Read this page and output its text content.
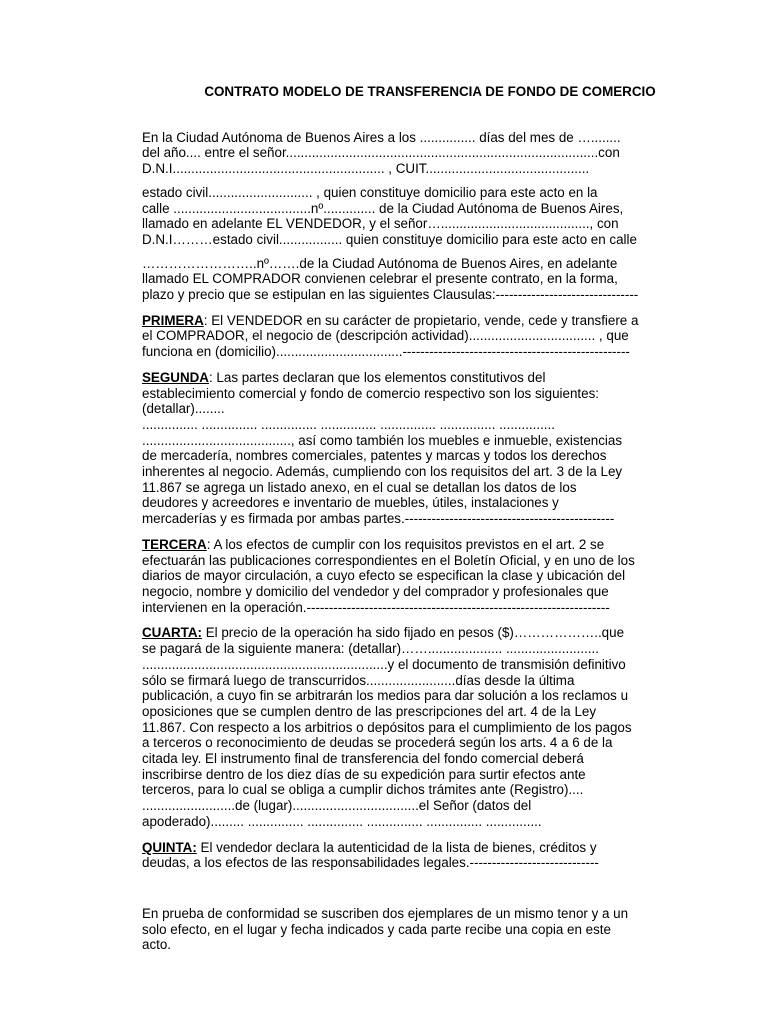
CONTRATO MODELO DE TRANSFERENCIA DE FONDO DE COMERCIO

En la Ciudad Autónoma de Buenos Aires a los ............... días del mes de …........
del año.... entre el señor....................................................................................con
D.N.I......................................................... , CUIT............................................

estado civil............................ , quien constituye domicilio para este acto en la
calle .....................................nº.............. de la Ciudad Autónoma de Buenos Aires,
llamado en adelante EL VENDEDOR, y el señor…........................................, con
D.N.I………estado civil................. quien constituye domicilio para este acto en calle

……………………..nº…….de la Ciudad Autónoma de Buenos Aires, en adelante
llamado EL COMPRADOR convienen celebrar el presente contrato, en la forma,
plazo y precio que se estipulan en las siguientes Clausulas:--------------------------------

PRIMERA: El VENDEDOR en su carácter de propietario, vende, cede y transfiere a
el COMPRADOR, el negocio de (descripción actividad).................................. , que
funciona en (domicilio)..................................---------------------------------------------------

SEGUNDA: Las partes declaran que los elementos constitutivos del
establecimiento comercial y fondo de comercio respectivo son los siguientes:
(detallar)........
............... ............... ............... ............... ............... ............... ...............
........................................, así como también los muebles e inmueble, existencias
de mercadería, nombres comerciales, patentes y marcas y todos los derechos
inherentes al negocio. Además, cumpliendo con los requisitos del art. 3 de la Ley
11.867 se agrega un listado anexo, en el cual se detallan los datos de los
deudores y acreedores e inventario de muebles, útiles, instalaciones y
mercaderías y es firmada por ambas partes.-----------------------------------------------

TERCERA: A los efectos de cumplir con los requisitos previstos en el art. 2 se
efectuarán las publicaciones correspondientes en el Boletín Oficial, y en uno de los
diarios de mayor circulación, a cuyo efecto se especifican la clase y ubicación del
negocio, nombre y domicilio del vendedor y del comprador y profesionales que
intervienen en la operación.--------------------------------------------------------------------

CUARTA: El precio de la operación ha sido fijado en pesos ($)………………..que
se pagará de la siguiente manera: (detallar)…….................... .........................
..................................................................y el documento de transmisión definitivo
sólo se firmará luego de transcurridos........................días desde la última
publicación, a cuyo fin se arbitrarán los medios para dar solución a los reclamos u
oposiciones que se cumplen dentro de las prescripciones del art. 4 de la Ley
11.867. Con respecto a los arbitrios o depósitos para el cumplimiento de los pagos
a terceros o reconocimiento de deudas se procederá según los arts. 4 a 6 de la
citada ley. El instrumento final de transferencia del fondo comercial deberá
inscribirse dentro de los diez días de su expedición para surtir efectos ante
terceros, para lo cual se obliga a cumplir dichos trámites ante (Registro)....
.........................de (lugar)..................................el Señor (datos del
apoderado)......... ............... ............... ............... ............... ...............

QUINTA: El vendedor declara la autenticidad de la lista de bienes, créditos y
deudas, a los efectos de las responsabilidades legales.-----------------------------

En prueba de conformidad se suscriben dos ejemplares de un mismo tenor y a un
solo efecto, en el lugar y fecha indicados y cada parte recibe una copia en este
acto.
